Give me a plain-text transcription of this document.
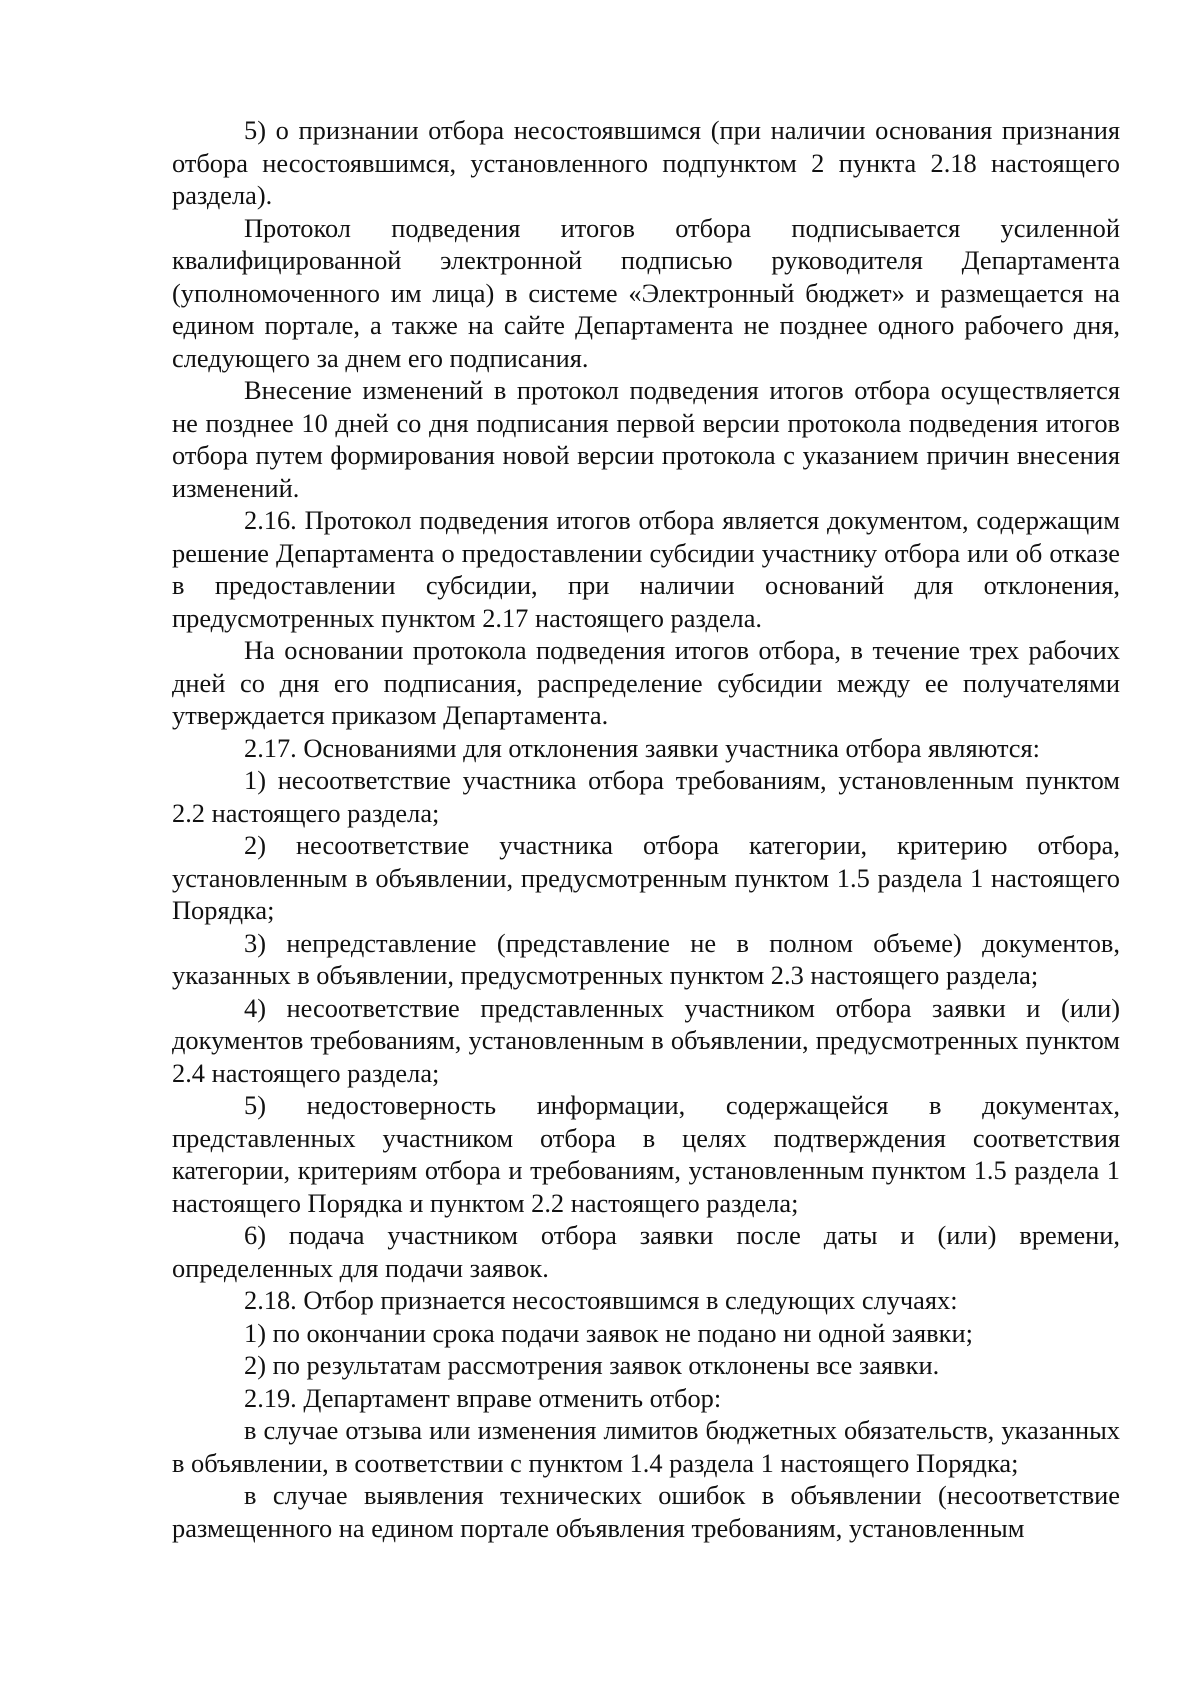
5) о признании отбора несостоявшимся (при наличии основания признания отбора несостоявшимся, установленного подпунктом 2 пункта 2.18 настоящего раздела).

Протокол подведения итогов отбора подписывается усиленной квалифицированной электронной подписью руководителя Департамента (уполномоченного им лица) в системе «Электронный бюджет» и размещается на едином портале, а также на сайте Департамента не позднее одного рабочего дня, следующего за днем его подписания.

Внесение изменений в протокол подведения итогов отбора осуществляется не позднее 10 дней со дня подписания первой версии протокола подведения итогов отбора путем формирования новой версии протокола с указанием причин внесения изменений.

2.16. Протокол подведения итогов отбора является документом, содержащим решение Департамента о предоставлении субсидии участнику отбора или об отказе в предоставлении субсидии, при наличии оснований для отклонения, предусмотренных пунктом 2.17 настоящего раздела.

На основании протокола подведения итогов отбора, в течение трех рабочих дней со дня его подписания, распределение субсидии между ее получателями утверждается приказом Департамента.

2.17. Основаниями для отклонения заявки участника отбора являются:

1) несоответствие участника отбора требованиям, установленным пунктом 2.2 настоящего раздела;

2) несоответствие участника отбора категории, критерию отбора, установленным в объявлении, предусмотренным пунктом 1.5 раздела 1 настоящего Порядка;

3) непредставление (представление не в полном объеме) документов, указанных в объявлении, предусмотренных пунктом 2.3 настоящего раздела;

4) несоответствие представленных участником отбора заявки и (или) документов требованиям, установленным в объявлении, предусмотренных пунктом 2.4 настоящего раздела;

5) недостоверность информации, содержащейся в документах, представленных участником отбора в целях подтверждения соответствия категории, критериям отбора и требованиям, установленным пунктом 1.5 раздела 1 настоящего Порядка и пунктом 2.2 настоящего раздела;

6) подача участником отбора заявки после даты и (или) времени, определенных для подачи заявок.

2.18. Отбор признается несостоявшимся в следующих случаях:

1) по окончании срока подачи заявок не подано ни одной заявки;

2) по результатам рассмотрения заявок отклонены все заявки.

2.19. Департамент вправе отменить отбор:

в случае отзыва или изменения лимитов бюджетных обязательств, указанных в объявлении, в соответствии с пунктом 1.4 раздела 1 настоящего Порядка;

в случае выявления технических ошибок в объявлении (несоответствие размещенного на едином портале объявления требованиям, установленным
